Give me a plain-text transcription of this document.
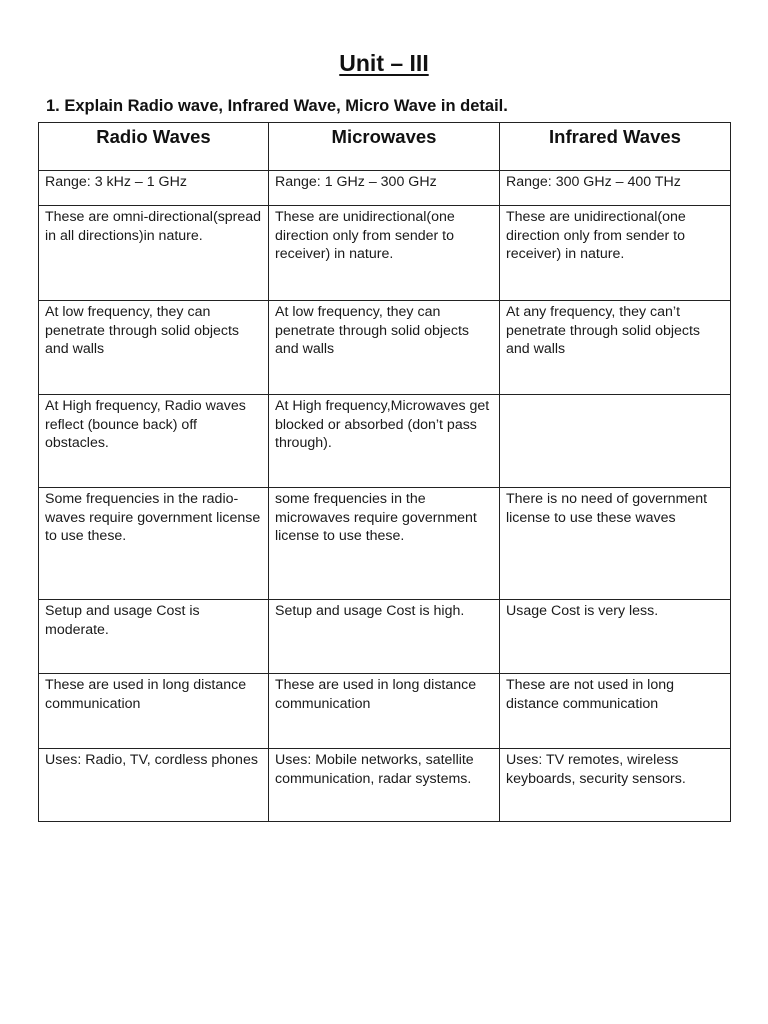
Unit – III

1. Explain Radio wave, Infrared Wave, Micro Wave in detail.

Radio Waves	Microwaves	Infrared Waves
Range: 3 kHz – 1 GHz	Range: 1 GHz – 300 GHz	Range: 300 GHz – 400 THz
These are omni-directional(spread in all directions)in nature.	These are unidirectional(one direction only from sender to receiver) in nature.	These are unidirectional(one direction only from sender to receiver) in nature.
At low frequency, they can penetrate through solid objects and walls	At low frequency, they can penetrate through solid objects and walls	At any frequency, they can’t penetrate through solid objects and walls
At High frequency, Radio waves reflect (bounce back) off obstacles.	At High frequency,Microwaves get blocked or absorbed (don’t pass through).	
Some frequencies in the radio-waves require government license to use these.	some frequencies in the microwaves require government license to use these.	There is no need of government license to use these waves
Setup and usage Cost is moderate.	Setup and usage Cost is high.	Usage Cost is very less.
These are used in long distance communication	These are used in long distance communication	These are not used in long distance communication
Uses: Radio, TV, cordless phones	Uses: Mobile networks, satellite communication, radar systems.	Uses: TV remotes, wireless keyboards, security sensors.
